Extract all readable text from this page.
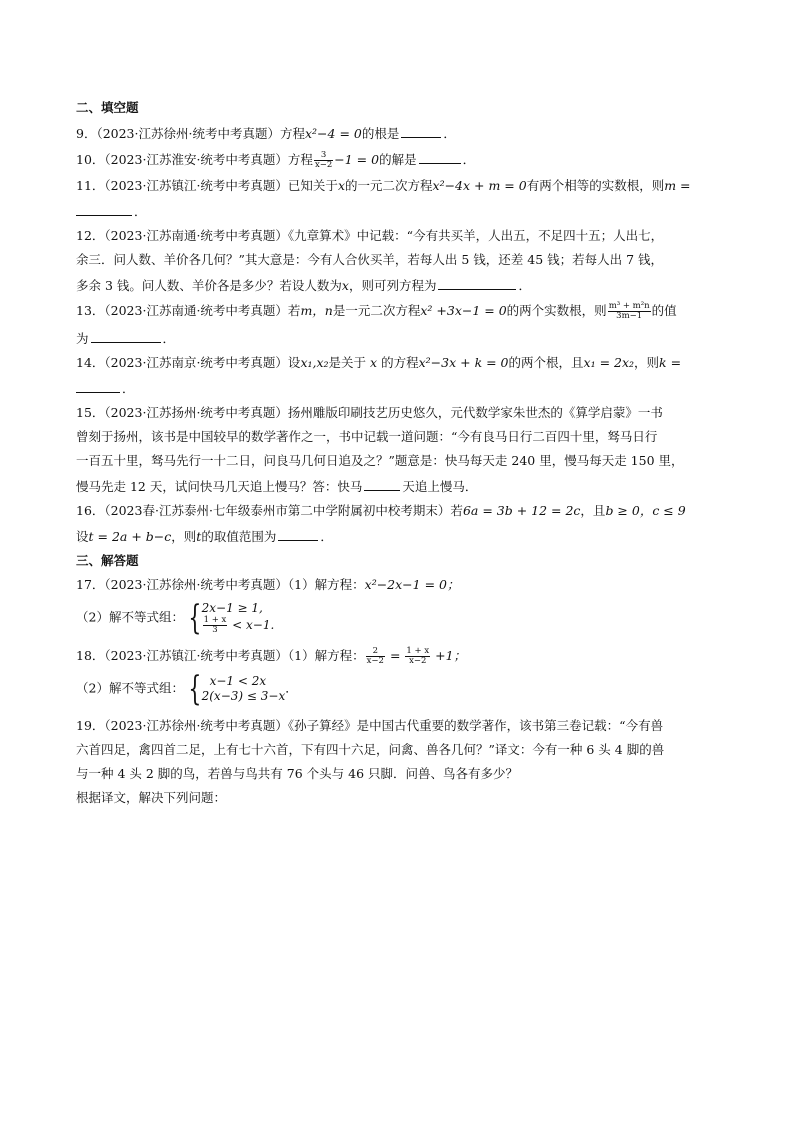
二、填空题
9．（2023·江苏徐州·统考中考真题）方程x²−4 = 0的根是	．
10．（2023·江苏淮安·统考中考真题）方程 $\frac{3}{x-2} -1 = 0$的解是	．
11．（2023·江苏镇江·统考中考真题）已知关于x的一元二次方程x²−4x + m = 0有两个相等的实数根，则m =
．
12．（2023·江苏南通·统考中考真题）《九章算术》中记载：“今有共买羊，人出五，不足四十五；人出七，
余三．问人数、羊价各几何？”其大意是：今有人合伙买羊，若每人出 5 钱，还差 45 钱；若每人出 7 钱，
多余 3 钱。问人数、羊价各是多少？若设人数为x，则可列方程为	．
13．（2023·江苏南通·统考中考真题）若m，n是一元二次方程x² +3x−1 = 0的两个实数根，则 $\frac{\text{m³ + m²n}}{3m-1}$ 的值
为	．
14．（2023·江苏南京·统考中考真题）设x₁,x₂是关于 x 的方程x²−3x + k = 0的两个根，且x₁ = 2x₂，则k =
．
15．（2023·江苏扬州·统考中考真题）扬州雕版印刷技艺历史悠久，元代数学家朱世杰的《算学启蒙》一书
曾刻于扬州，该书是中国较早的数学著作之一，书中记载一道问题：“今有良马日行二百四十里，驽马日行
一百五十里，驽马先行一十二日，问良马几何日追及之？”题意是：快马每天走 240 里，慢马每天走 150 里，
慢马先走 12 天，试问快马几天追上慢马？答：快马	天追上慢马．
16．（2023春·江苏泰州·七年级泰州市第二中学附属初中校考期末）若6a = 3b + 12 = 2c，且b ≥ 0，c ≤ 9
设t = 2a + b−c，则t的取值范围为	．
三、解答题
17．（2023·江苏徐州·统考中考真题）（1）解方程：x²−2x−1 = 0；
（2）解不等式组： { 2x−1 ≥ 1,
$\frac{1 + x}{3} < x-1$.
18．（2023·江苏镇江·统考中考真题）（1）解方程： $\frac{2}{x-2} = \frac{1 + x}{x-2} +1$；
（2）解不等式组： { x−1 < 2x
2(x−3) ≤ 3−x
．
19．（2023·江苏徐州·统考中考真题）《孙子算经》是中国古代重要的数学著作，该书第三卷记载：“今有兽
六首四足，禽四首二足，上有七十六首，下有四十六足，问禽、兽各几何？”译文：今有一种 6 头 4 脚的兽
与一种 4 头 2 脚的鸟，若兽与鸟共有 76 个头与 46 只脚．问兽、鸟各有多少？
根据译文，解决下列问题：
